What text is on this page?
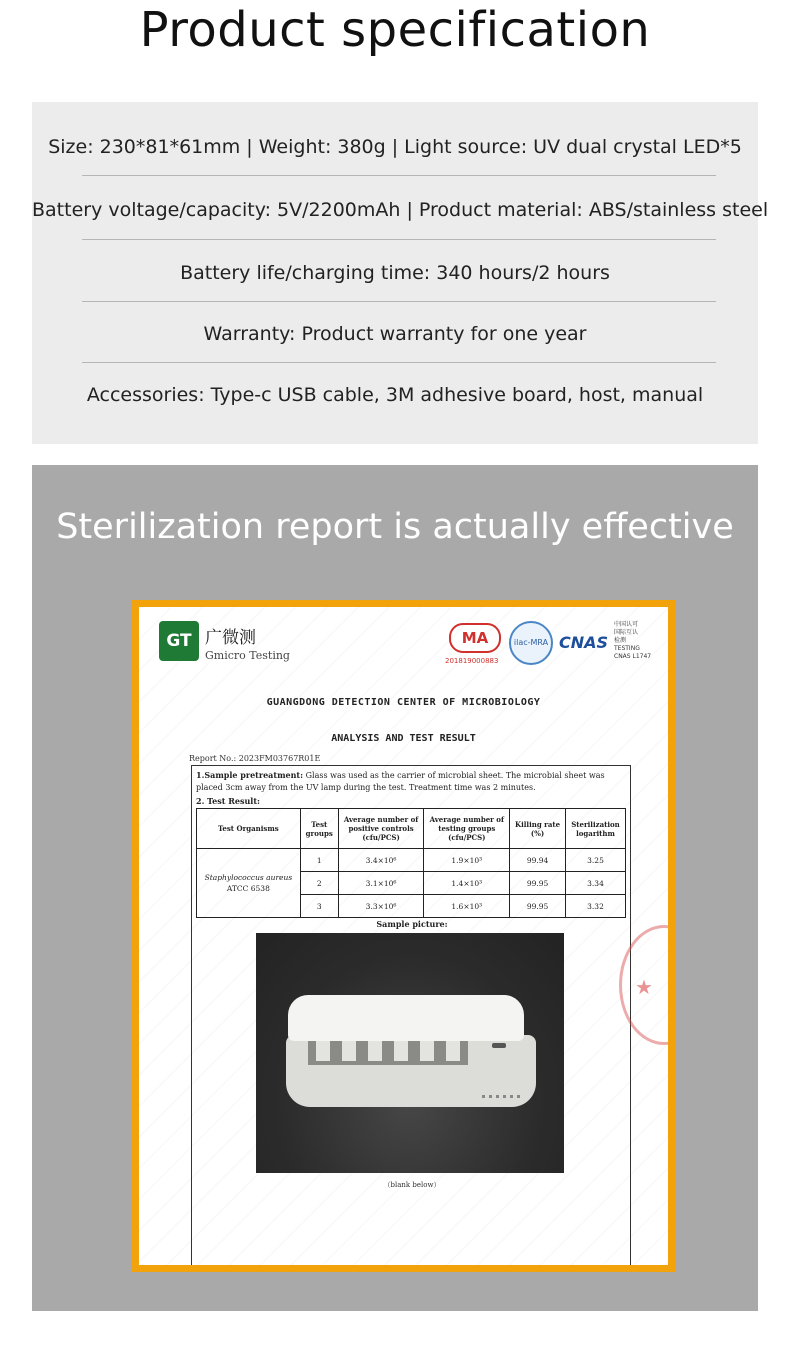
Product specification
Size: 230*81*61mm | Weight: 380g | Light source: UV dual crystal LED*5
Battery voltage/capacity: 5V/2200mAh | Product material: ABS/stainless steel
Battery life/charging time: 340 hours/2 hours
Warranty: Product warranty for one year
Accessories: Type-c USB cable, 3M adhesive board, host, manual
Sterilization report is actually effective
GT 广微测
Gmicro Testing
MA
201819000883
ilac-MRA CNAS
中国认可
国际互认
检测
TESTING
CNAS L1747
GUANGDONG DETECTION CENTER OF MICROBIOLOGY
ANALYSIS AND TEST RESULT
Report No.: 2023FM03767R01E
1.Sample pretreatment: Glass was used as the carrier of microbial sheet. The microbial sheet was placed 3cm away from the UV lamp during the test. Treatment time was 2 minutes.
2. Test Result:
Test Organisms	Test groups	Average number of positive controls (cfu/PCS)	Average number of testing groups (cfu/PCS)	Killing rate (%)	Sterilization logarithm

Staphylococcus aureus
ATCC 6538	1	3.4×10⁶	1.9×10³	99.94	3.25
	2	3.1×10⁶	1.4×10³	99.95	3.34
	3	3.3×10⁶	1.6×10³	99.95	3.32
Sample picture:
（blank below）
★
